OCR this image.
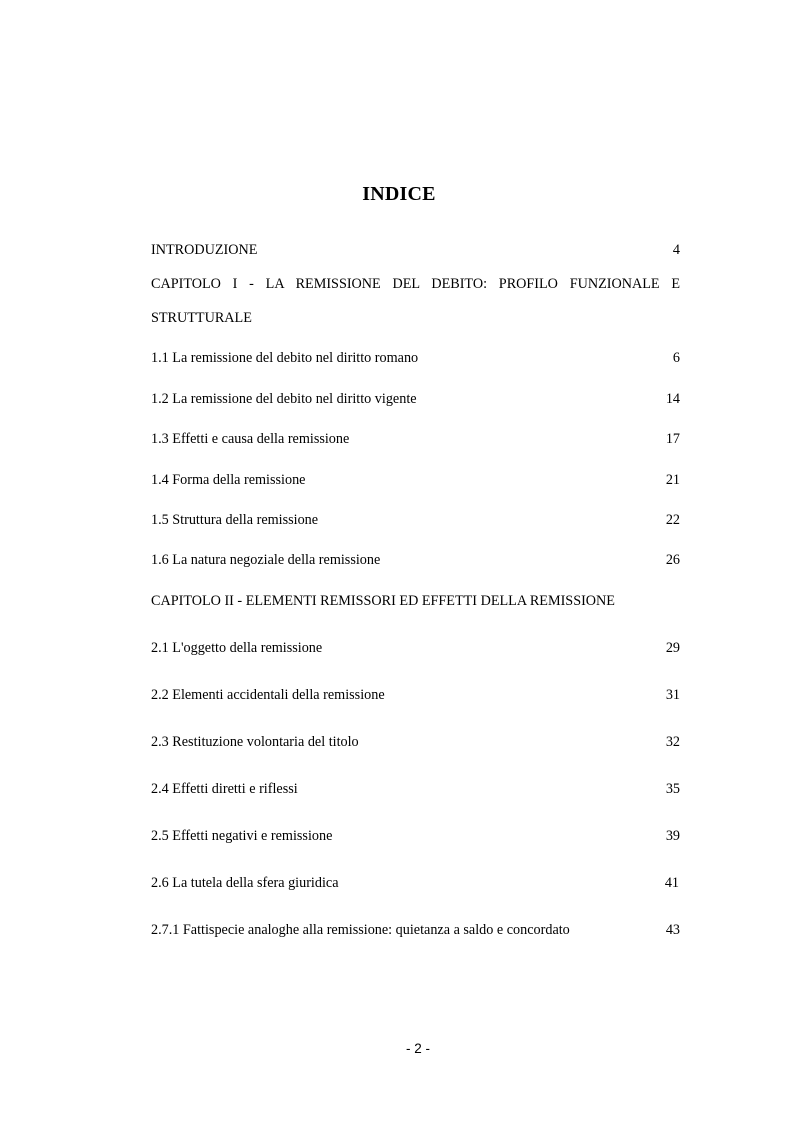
INDICE
INTRODUZIONE	4
CAPITOLO I - LA REMISSIONE DEL DEBITO: PROFILO FUNZIONALE E
STRUTTURALE
1.1 La remissione del debito nel diritto romano	6
1.2 La remissione del debito nel diritto vigente	14
1.3 Effetti e causa della remissione	17
1.4 Forma della remissione	21
1.5 Struttura della remissione	22
1.6 La natura negoziale della remissione	26
CAPITOLO II - ELEMENTI REMISSORI ED EFFETTI DELLA REMISSIONE
2.1 L'oggetto della remissione	29
2.2 Elementi accidentali della remissione	31
2.3 Restituzione volontaria del titolo	32
2.4 Effetti diretti e riflessi	35
2.5 Effetti negativi e remissione	39
2.6 La tutela della sfera giuridica	41
2.7.1 Fattispecie analoghe alla remissione: quietanza a saldo e concordato	43
- 2 -
